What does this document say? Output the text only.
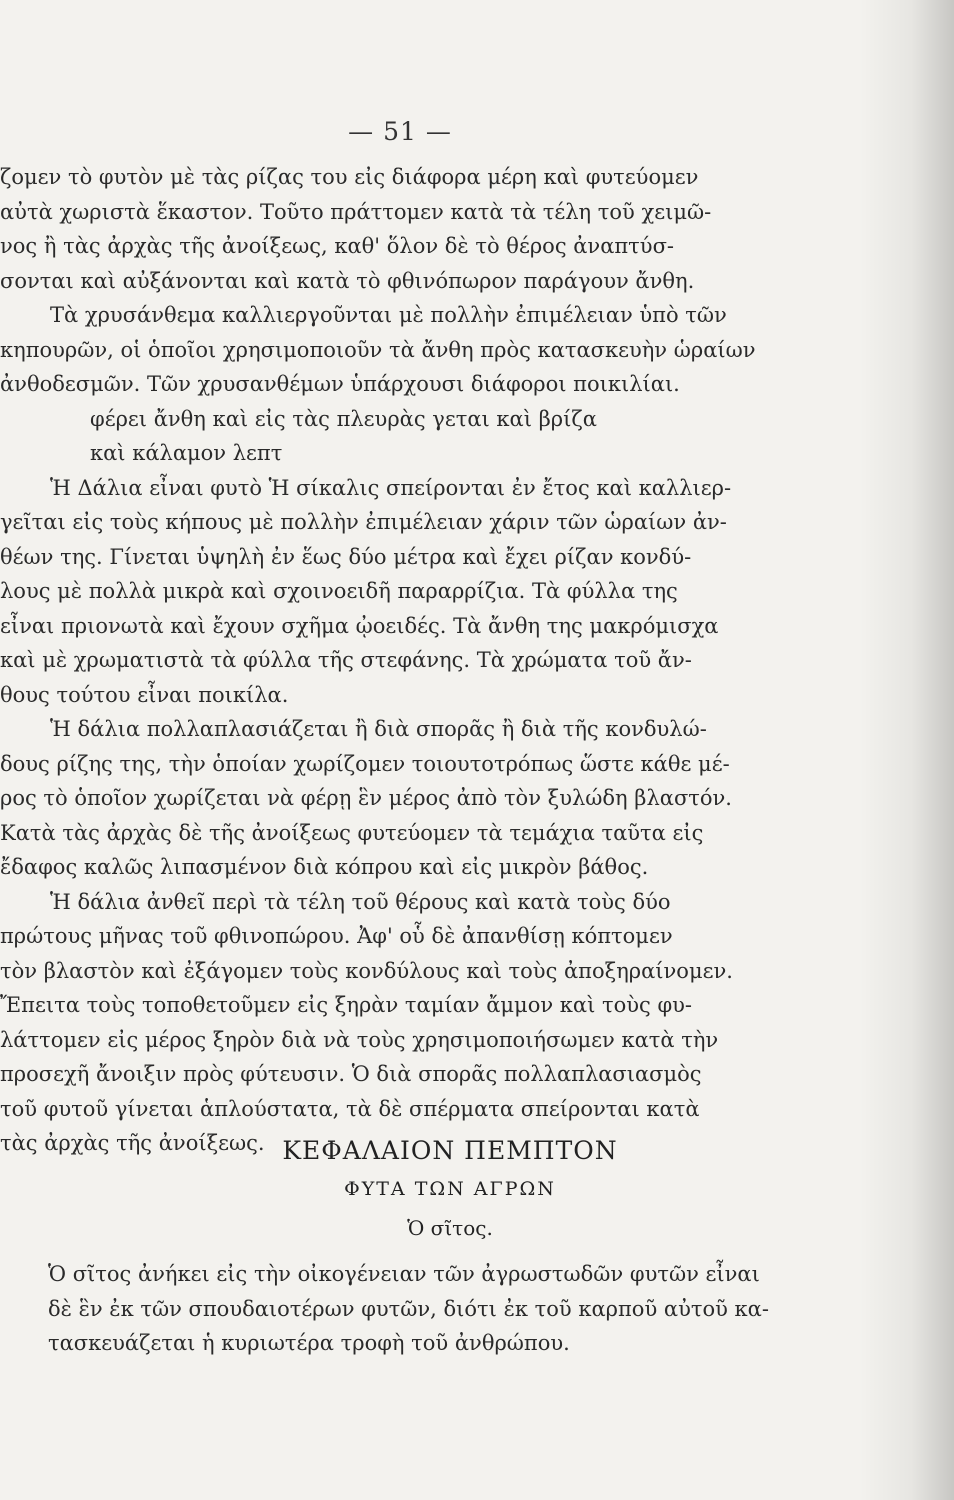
— 51 —
ζομεν τὸ φυτὸν μὲ τὰς ρίζας του εἰς διάφορα μέρη καὶ φυτεύομεν
αὐτὰ χωριστὰ ἕκαστον. Τοῦτο πράττομεν κατὰ τὰ τέλη τοῦ χειμῶ-
νος ἢ τὰς ἀρχὰς τῆς ἀνοίξεως, καθ' ὅλον δὲ τὸ θέρος ἀναπτύσ-
σονται καὶ αὐξάνονται καὶ κατὰ τὸ φθινόπωρον παράγουν ἄνθη.
Τὰ χρυσάνθεμα καλλιεργοῦνται μὲ πολλὴν ἐπιμέλειαν ὑπὸ τῶν
κηπουρῶν, οἱ ὁποῖοι χρησιμοποιοῦν τὰ ἄνθη πρὸς κατασκευὴν ὡραίων
ἀνθοδεσμῶν. Τῶν χρυσανθέμων ὑπάρχουσι διάφοροι ποικιλίαι.
φέρει ἄνθη καὶ εἰς τὰς πλευρὰς γεται καὶ βρίζα
καὶ κάλαμον λεπτ
Ἡ Δάλια εἶναι φυτὸ Ἡ σίκαλις σπείρονται ἐν ἔτος καὶ καλλιερ-
γεῖται εἰς τοὺς κήπους μὲ πολλὴν ἐπιμέλειαν χάριν τῶν ὡραίων ἀν-
θέων της. Γίνεται ὑψηλὴ ἐν ἕως δύο μέτρα καὶ ἔχει ρίζαν κονδύ-
λους μὲ πολλὰ μικρὰ καὶ σχοινοειδῆ παραρρίζια. Τὰ φύλλα της
εἶναι πριονωτὰ καὶ ἔχουν σχῆμα ᾠοειδές. Τὰ ἄνθη της μακρόμισχα
καὶ μὲ χρωματιστὰ τὰ φύλλα τῆς στεφάνης. Τὰ χρώματα τοῦ ἄν-
θους τούτου εἶναι ποικίλα.
Ἡ δάλια πολλαπλασιάζεται ἢ διὰ σπορᾶς ἢ διὰ τῆς κονδυλώ-
δους ρίζης της, τὴν ὁποίαν χωρίζομεν τοιουτοτρόπως ὥστε κάθε μέ-
ρος τὸ ὁποῖον χωρίζεται νὰ φέρῃ ἓν μέρος ἀπὸ τὸν ξυλώδη βλαστόν.
Κατὰ τὰς ἀρχὰς δὲ τῆς ἀνοίξεως φυτεύομεν τὰ τεμάχια ταῦτα εἰς
ἔδαφος καλῶς λιπασμένον διὰ κόπρου καὶ εἰς μικρὸν βάθος.
Ἡ δάλια ἀνθεῖ περὶ τὰ τέλη τοῦ θέρους καὶ κατὰ τοὺς δύο
πρώτους μῆνας τοῦ φθινοπώρου. Ἀφ' οὗ δὲ ἀπανθίσῃ κόπτομεν
τὸν βλαστὸν καὶ ἐξάγομεν τοὺς κονδύλους καὶ τοὺς ἀποξηραίνομεν.
Ἔπειτα τοὺς τοποθετοῦμεν εἰς ξηρὰν ταμίαν ἄμμον καὶ τοὺς φυ-
λάττομεν εἰς μέρος ξηρὸν διὰ νὰ τοὺς χρησιμοποιήσωμεν κατὰ τὴν
προσεχῆ ἄνοιξιν πρὸς φύτευσιν. Ὁ διὰ σπορᾶς πολλαπλασιασμὸς
τοῦ φυτοῦ γίνεται ἁπλούστατα, τὰ δὲ σπέρματα σπείρονται κατὰ
τὰς ἀρχὰς τῆς ἀνοίξεως. ΚΕΦΑΛΑΙΟΝ ΠΕΜΠΤΟΝ
ΦΥΤΑ ΤΩΝ ΑΓΡΩΝ
Ὁ σῖτος.
Ὁ σῖτος ἀνήκει εἰς τὴν οἰκογένειαν τῶν ἀγρωστωδῶν φυτῶν εἶναι
δὲ ἓν ἐκ τῶν σπουδαιοτέρων φυτῶν, διότι ἐκ τοῦ καρποῦ αὐτοῦ κα-
τασκευάζεται ἡ κυριωτέρα τροφὴ τοῦ ἀνθρώπου.
